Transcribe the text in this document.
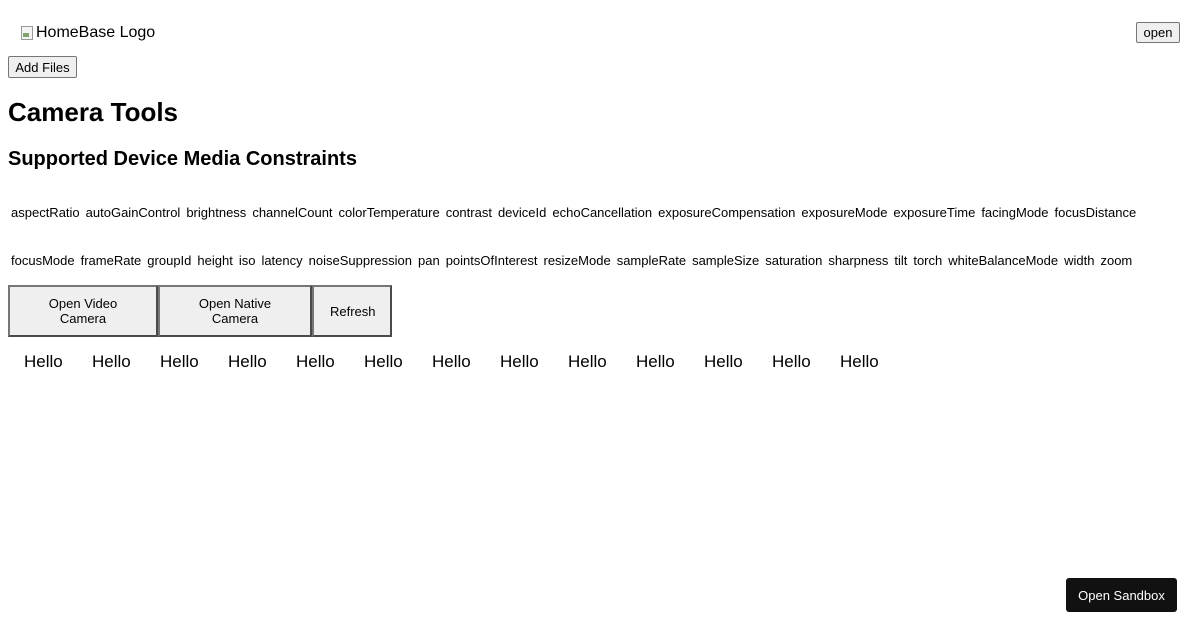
HomeBase Logo	open
Add Files
Camera Tools
Supported Device Media Constraints
aspectRatio autoGainControl brightness channelCount colorTemperature contrast deviceId echoCancellation exposureCompensation exposureMode exposureTime facingMode focusDistance
focusMode frameRate groupId height iso latency noiseSuppression pan pointsOfInterest resizeMode sampleRate sampleSize saturation sharpness tilt torch whiteBalanceMode width zoom
Open Video Camera
Open Native Camera	Refresh
Hello	Hello	Hello	Hello	Hello	Hello	Hello	Hello	Hello	Hello	Hello	Hello	Hello
Open Sandbox
